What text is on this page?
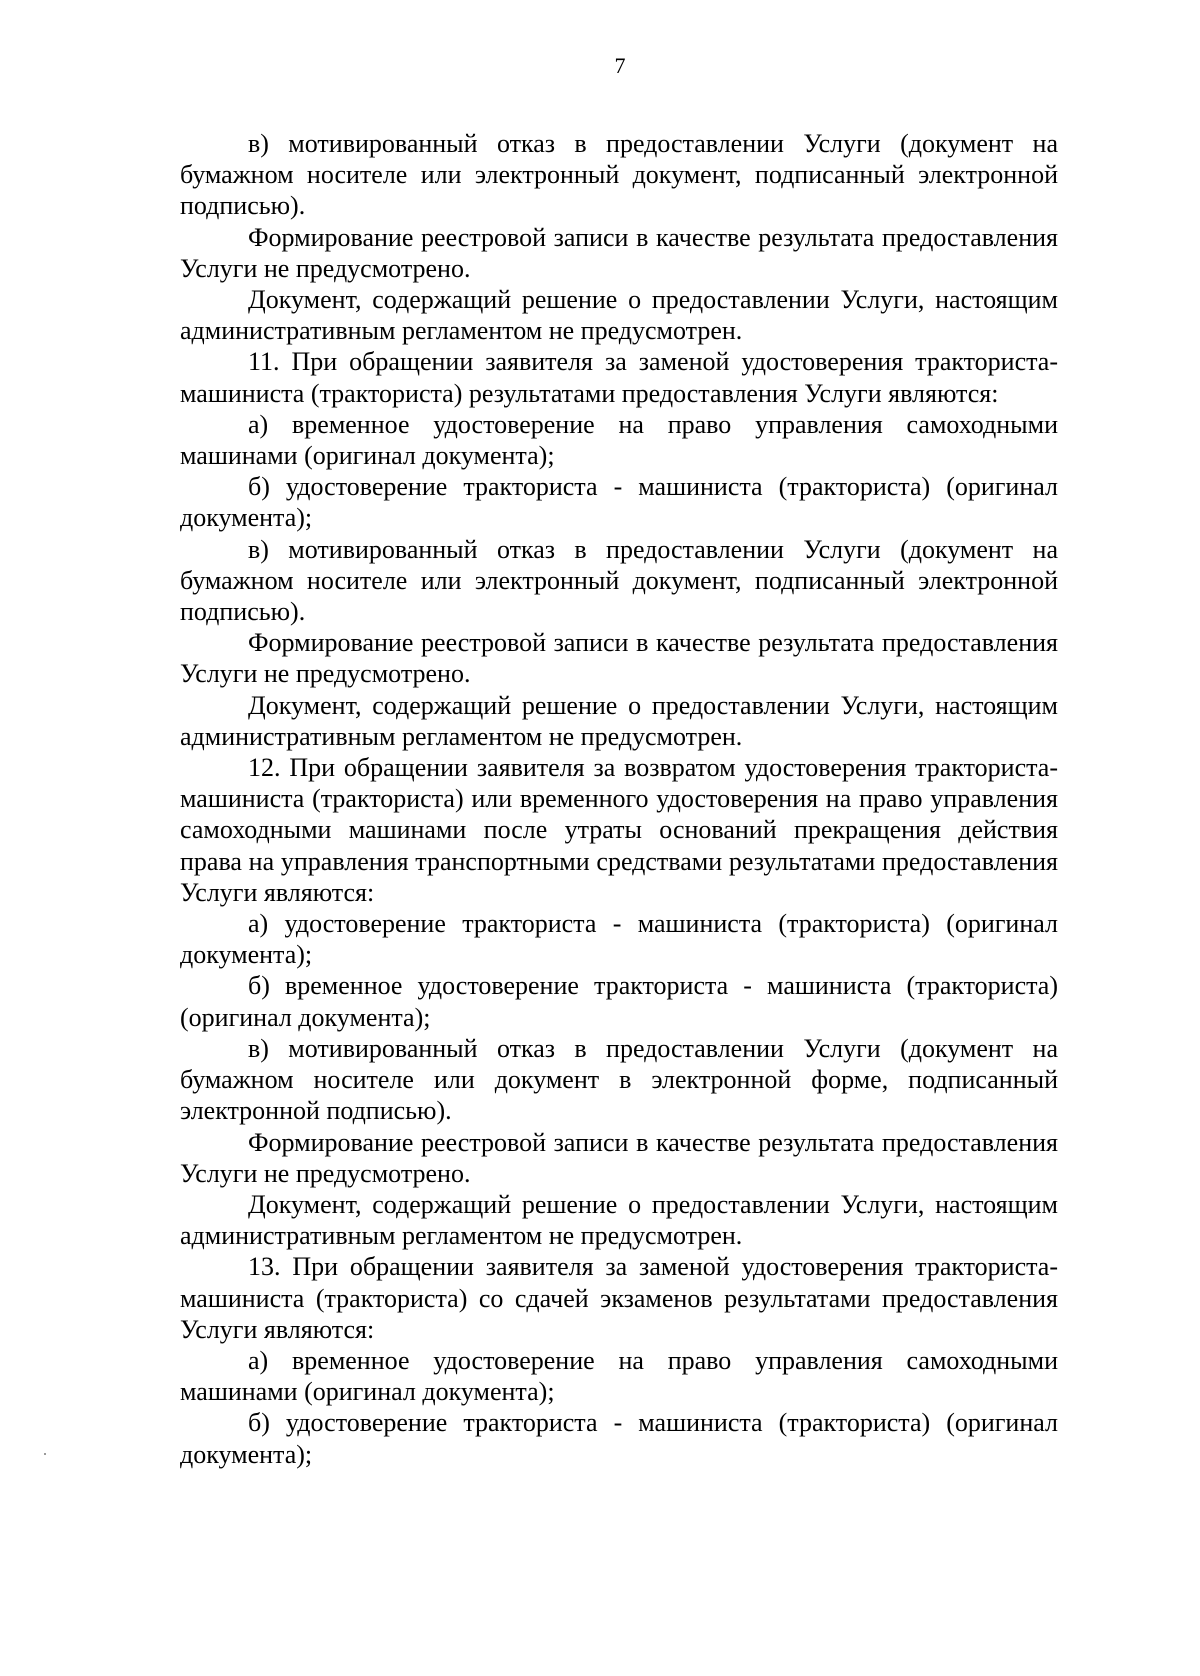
7

в) мотивированный отказ в предоставлении Услуги (документ на бумажном носителе или электронный документ, подписанный электронной подписью).

Формирование реестровой записи в качестве результата предоставления Услуги не предусмотрено.

Документ, содержащий решение о предоставлении Услуги, настоящим административным регламентом не предусмотрен.

11. При обращении заявителя за заменой удостоверения тракториста-машиниста (тракториста) результатами предоставления Услуги являются:

а) временное удостоверение на право управления самоходными машинами (оригинал документа);

б) удостоверение тракториста - машиниста (тракториста) (оригинал документа);

в) мотивированный отказ в предоставлении Услуги (документ на бумажном носителе или электронный документ, подписанный электронной подписью).

Формирование реестровой записи в качестве результата предоставления Услуги не предусмотрено.

Документ, содержащий решение о предоставлении Услуги, настоящим административным регламентом не предусмотрен.

12. При обращении заявителя за возвратом удостоверения тракториста-машиниста (тракториста) или временного удостоверения на право управления самоходными машинами после утраты оснований прекращения действия права на управления транспортными средствами результатами предоставления Услуги являются:

а) удостоверение тракториста - машиниста (тракториста) (оригинал документа);

б) временное удостоверение тракториста - машиниста (тракториста) (оригинал документа);

в) мотивированный отказ в предоставлении Услуги (документ на бумажном носителе или документ в электронной форме, подписанный электронной подписью).

Формирование реестровой записи в качестве результата предоставления Услуги не предусмотрено.

Документ, содержащий решение о предоставлении Услуги, настоящим административным регламентом не предусмотрен.

13. При обращении заявителя за заменой удостоверения тракториста-машиниста (тракториста) со сдачей экзаменов результатами предоставления Услуги являются:

а) временное удостоверение на право управления самоходными машинами (оригинал документа);

б) удостоверение тракториста - машиниста (тракториста) (оригинал документа);
